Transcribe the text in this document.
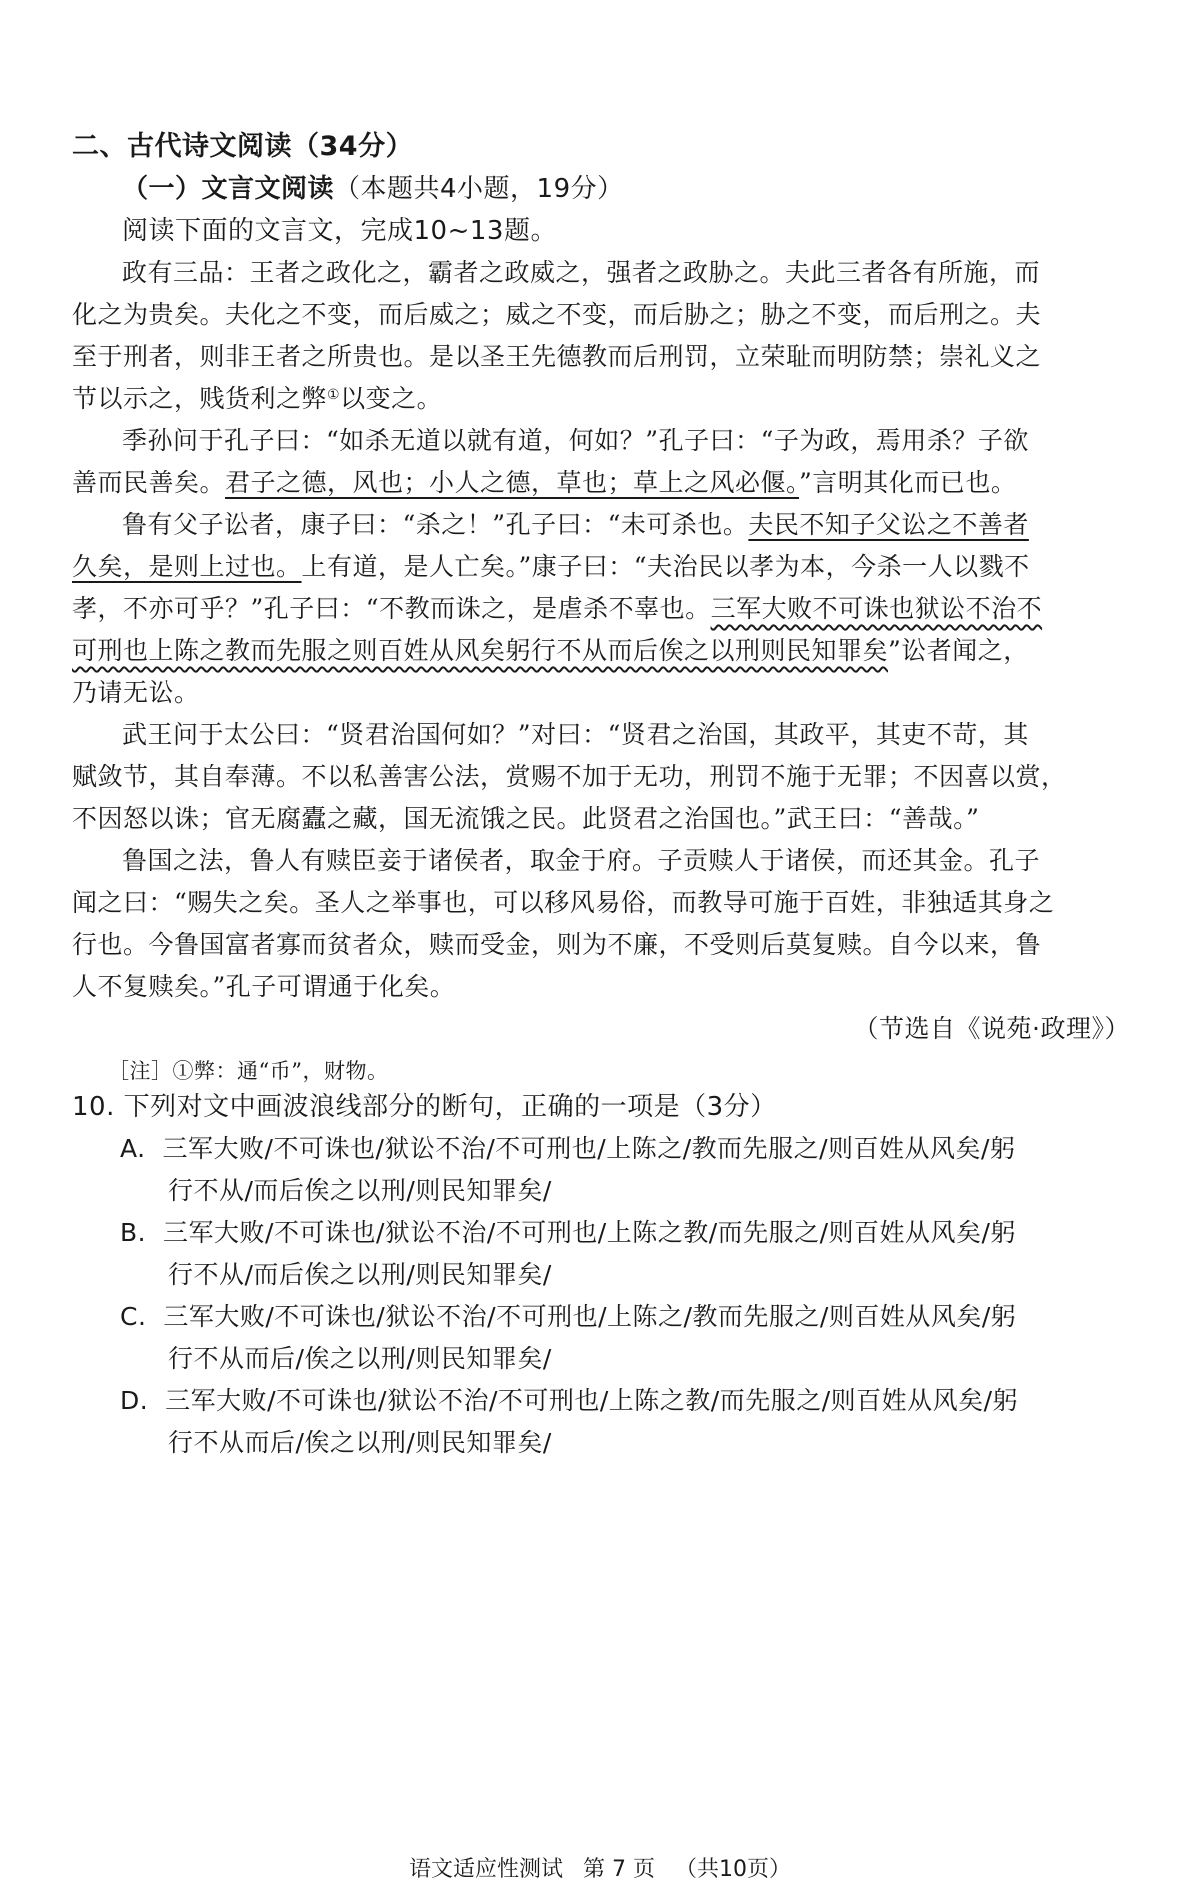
二、古代诗文阅读（34分）
（一）文言文阅读（本题共4小题，19分）
阅读下面的文言文，完成10~13题。
政有三品：王者之政化之，霸者之政威之，强者之政胁之。夫此三者各有所施，而
化之为贵矣。夫化之不变，而后威之；威之不变，而后胁之；胁之不变，而后刑之。夫
至于刑者，则非王者之所贵也。是以圣王先德教而后刑罚，立荣耻而明防禁；崇礼义之
节以示之，贱货利之弊①以变之。
季孙问于孔子曰：“如杀无道以就有道，何如？”孔子曰：“子为政，焉用杀？子欲
善而民善矣。君子之德，风也；小人之德，草也；草上之风必偃。”言明其化而已也。
鲁有父子讼者，康子曰：“杀之！”孔子曰：“未可杀也。夫民不知子父讼之不善者
久矣，是则上过也。上有道，是人亡矣。”康子曰：“夫治民以孝为本，今杀一人以戮不
孝，不亦可乎？”孔子曰：“不教而诛之，是虐杀不辜也。三军大败不可诛也狱讼不治不
可刑也上陈之教而先服之则百姓从风矣躬行不从而后俟之以刑则民知罪矣”讼者闻之，
乃请无讼。
武王问于太公曰：“贤君治国何如？”对曰：“贤君之治国，其政平，其吏不苛，其
赋敛节，其自奉薄。不以私善害公法，赏赐不加于无功，刑罚不施于无罪；不因喜以赏，
不因怒以诛；官无腐蠹之藏，国无流饿之民。此贤君之治国也。”武王曰：“善哉。”
鲁国之法，鲁人有赎臣妾于诸侯者，取金于府。子贡赎人于诸侯，而还其金。孔子
闻之曰：“赐失之矣。圣人之举事也，可以移风易俗，而教导可施于百姓，非独适其身之
行也。今鲁国富者寡而贫者众，赎而受金，则为不廉，不受则后莫复赎。自今以来，鲁
人不复赎矣。”孔子可谓通于化矣。
（节选自《说苑·政理》）
［注］①弊：通“币”，财物。
10. 下列对文中画波浪线部分的断句，正确的一项是（3分）
A. 三军大败/不可诛也/狱讼不治/不可刑也/上陈之/教而先服之/则百姓从风矣/躬
行不从/而后俟之以刑/则民知罪矣/
B. 三军大败/不可诛也/狱讼不治/不可刑也/上陈之教/而先服之/则百姓从风矣/躬
行不从/而后俟之以刑/则民知罪矣/
C. 三军大败/不可诛也/狱讼不治/不可刑也/上陈之/教而先服之/则百姓从风矣/躬
行不从而后/俟之以刑/则民知罪矣/
D. 三军大败/不可诛也/狱讼不治/不可刑也/上陈之教/而先服之/则百姓从风矣/躬
行不从而后/俟之以刑/则民知罪矣/
语文适应性测试 第 7 页 （共10页）
